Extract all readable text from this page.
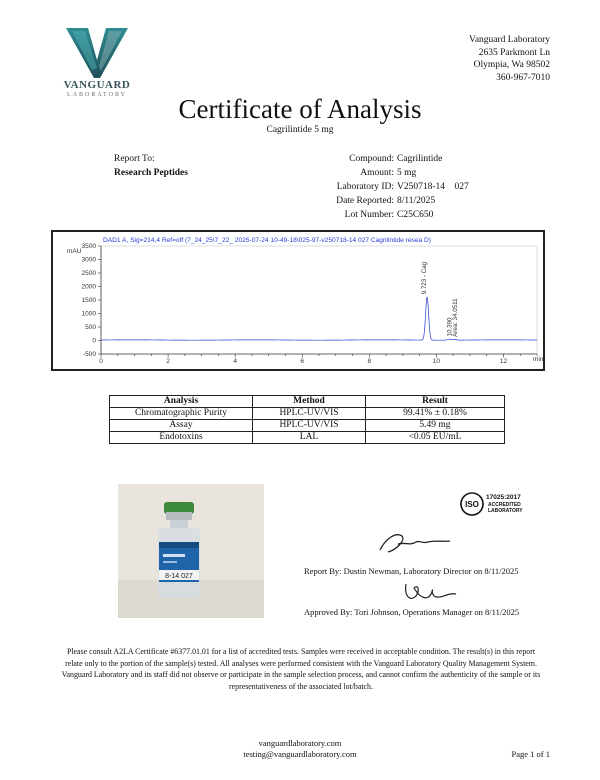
VANGUARD
LABORATORY
Vanguard Laboratory
2635 Parkmont Ln
Olympia, Wa 98502
360-967-7010
Certificate of Analysis
Cagrilintide 5 mg
Report To:
Research Peptides
Compound: Cagrilintide
Amount: 5 mg
Laboratory ID: V250718-14    027
Date Reported: 8/11/2025
Lot Number: C25C650
DAD1 A, Sig=214,4 Ref=off (7_24_25\7_22_ 2025-07-24 10-49-18\025-97-v250718-14 027 Cagrilintide resea D)
mAU
min
-500
0
500
1000
1500
2000
2500
3000
3500
0	2	4	6	8	10	12
9.723 - Cag
10.390
Area: 34.0511
Analysis	Method	Result
Chromatographic Purity	HPLC-UV/VIS	99.41% ± 0.18%
Assay	HPLC-UV/VIS	5.49 mg
Endotoxins	LAL	<0.05 EU/mL
8-14 027
ISO
17025:2017
ACCREDITED
LABORATORY
Report By: Dustin Newman, Laboratory Director on 8/11/2025
Approved By: Tori Johnson, Operations Manager on 8/11/2025
Please consult A2LA Certificate #6377.01.01 for a list of accredited tests. Samples were received in acceptable condition. The result(s) in this report relate only to the portion of the sample(s) tested. All analyses were performed consistent with the Vanguard Laboratory Quality Management System. Vanguard Laboratory and its staff did not observe or participate in the sample selection process, and cannot confirm the authenticity of the sample or its representativeness of the associated lot/batch.
vanguardlaboratory.com
testing@vanguardlaboratory.com	Page 1 of 1
